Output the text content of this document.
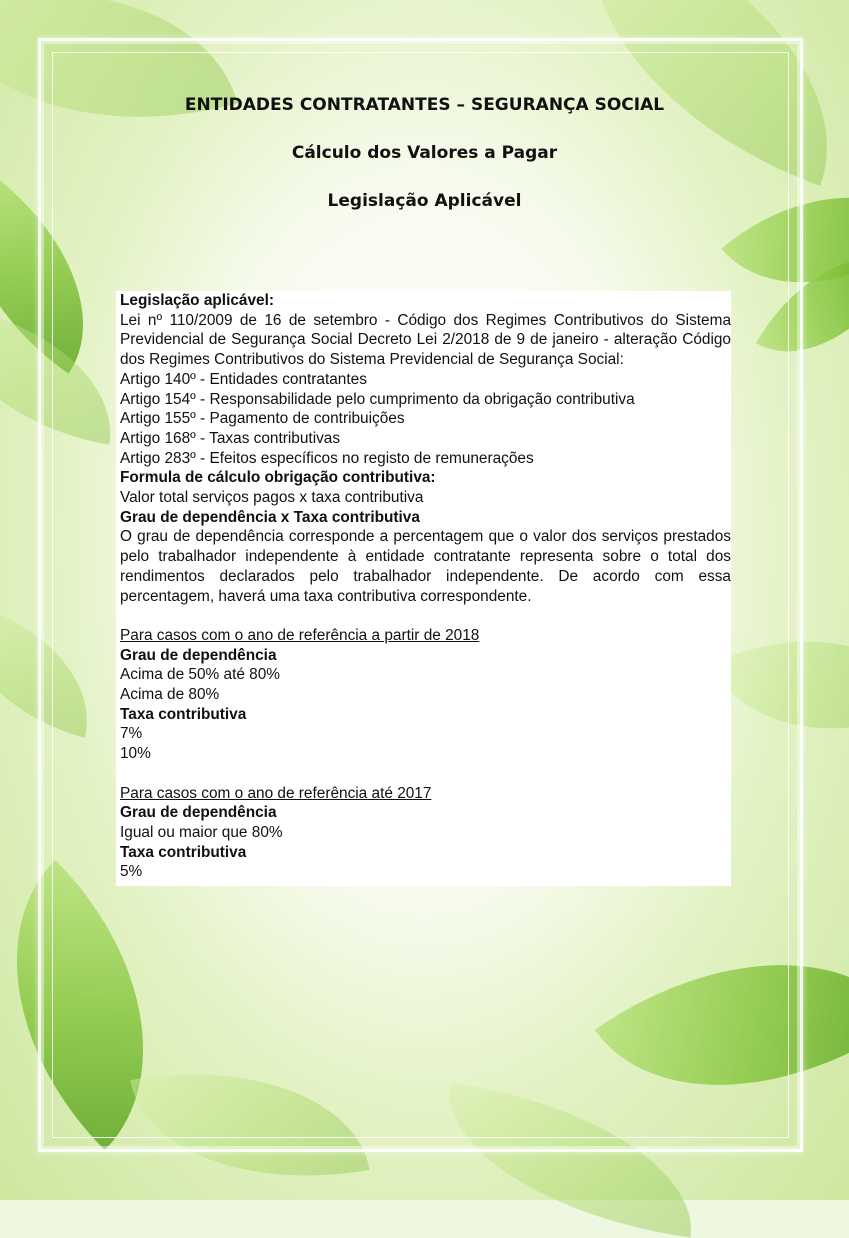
ENTIDADES CONTRATANTES – SEGURANÇA SOCIAL

Cálculo dos Valores a Pagar

Legislação Aplicável

Legislação aplicável:

Lei nº 110/2009 de 16 de setembro - Código dos Regimes Contributivos do Sistema Previdencial de Segurança Social Decreto Lei 2/2018 de 9 de janeiro - alteração Código dos Regimes Contributivos do Sistema Previdencial de Segurança Social:

Artigo 140º - Entidades contratantes

Artigo 154º - Responsabilidade pelo cumprimento da obrigação contributiva

Artigo 155º - Pagamento de contribuições

Artigo 168º - Taxas contributivas

Artigo 283º - Efeitos específicos no registo de remunerações

Formula de cálculo obrigação contributiva:

Valor total serviços pagos x taxa contributiva

Grau de dependência x Taxa contributiva

O grau de dependência corresponde a percentagem que o valor dos serviços prestados pelo trabalhador independente à entidade contratante representa sobre o total dos rendimentos declarados pelo trabalhador independente. De acordo com essa percentagem, haverá uma taxa contributiva correspondente.

Para casos com o ano de referência a partir de 2018

Grau de dependência

Acima de 50% até 80%

Acima de 80%

Taxa contributiva

7%

10%

Para casos com o ano de referência até 2017

Grau de dependência

Igual ou maior que 80%

Taxa contributiva

5%
